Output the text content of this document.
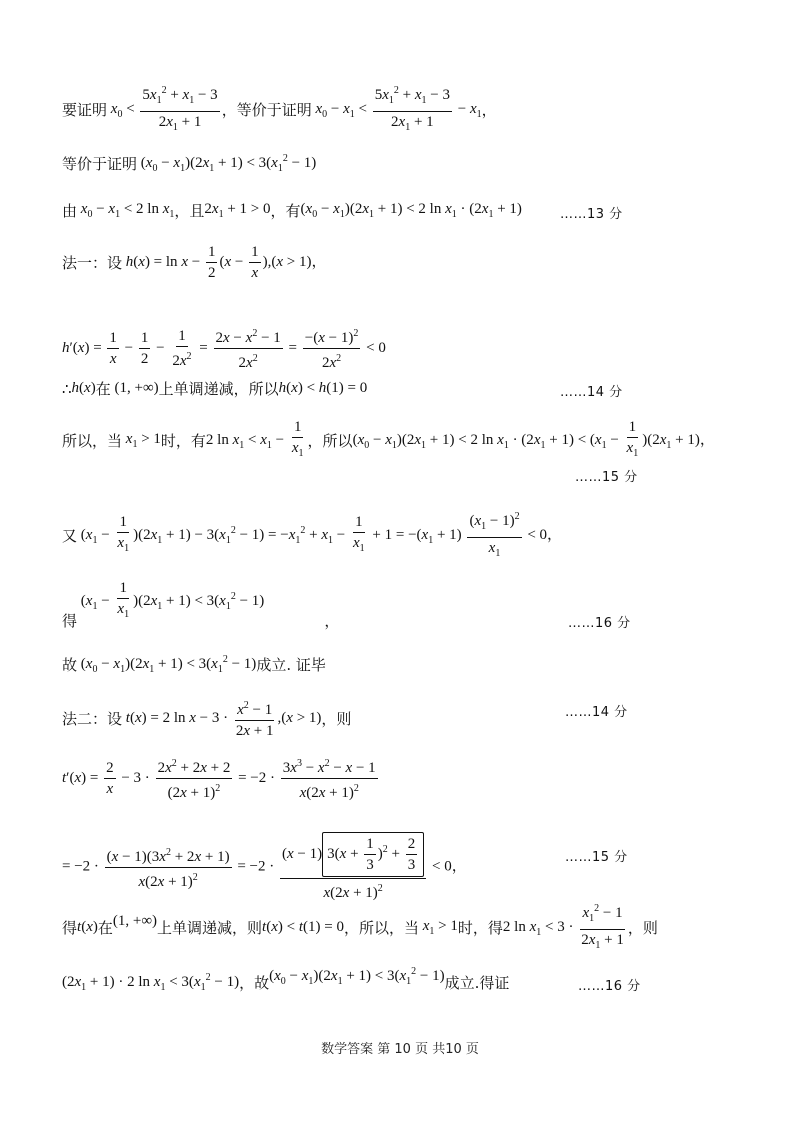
要证明 $x_0 < \frac{5x_1^2 + x_1 - 3}{2x_1 + 1}$ ，等价于证明 $x_0 - x_1 < \frac{5x_1^2 + x_1 - 3}{2x_1 + 1} - x_1$ ，
等价于证明 $(x_0 - x_1)(2x_1 + 1) < 3(x_1^2 - 1)$
由 $x_0 - x_1 < 2$ $\ln x_1$ ，且 $2x_1 + 1 > 0$ ，有 $(x_0 - x_1)(2x_1 + 1) < 2$ $\ln x_1 \cdot (2x_1 + 1)$	……13 分
法一：设 $h(x) = \ln x - \frac{1}{2} (x - \frac{1}{x} ),(x > 1)$，
$h'(x) = \frac{1}{x} - \frac{1}{2} - \frac{1}{2x^2} = \frac{2x - x^2 - 1}{2x^2} = \frac{-(x - 1)^2}{2x^2} < 0$
∴ h(x) 在 (1, +∞) 上单调递减，所以 h(x) < h(1) = 0	……14 分
所以，当 $x_1 > 1$ 时，有 2 $\ln x_1 < x_1 - \frac{1}{x_1}$ ，所以 $(x_0 - x_1)(2x_1 + 1) < 2$ $\ln x_1 \cdot (2x_1 + 1) < (x_1 - \frac{1}{x_1} )(2x_1 + 1)$，
……15 分
又 $(x_1 - \frac{1}{x_1} )(2x_1 + 1) - 3(x_1^2 - 1) = -x_1^2 + x_1 - \frac{1}{x_1} + 1 = -(x_1 + 1) \frac{(x_1 - 1)^2}{x_1} < 0$，
得
$(x_1 - \frac{1}{x_1} )(2x_1 + 1) < 3(x_1^2 - 1)$
，	……16 分
故 $(x_0 - x_1)(2x_1 + 1) < 3(x_1^2 - 1)$ 成立. 证毕
法二：设 t(x) = 2 $\ln x - 3 \cdot \frac{x^2 - 1}{2x + 1} ,(x > 1)$ ，则	……14 分
$t'(x) = \frac{2}{x} - 3 \cdot \frac{2x^2 + 2x + 2}{(2x + 1)^2} = -2 \cdot \frac{3x^3 - x^2 - x - 1}{x(2x + 1)^2}$
= $-2 \cdot \frac{(x - 1)(3x^2 + 2x + 1)}{x(2x + 1)^2} = -2 \cdot \frac{(x - 1) 3(x + \frac{1}{3} )^2 + \frac{2}{3}}{x(2x + 1)^2} < 0$，
……15 分
得 t(x) 在 (1, +∞) 上单调递减，则 t(x) < t(1) = 0 ，所以，当 $x_1 > 1$ 时，得 2 $\ln x_1 < 3 \cdot \frac{x_1^2 - 1}{2x_1 + 1}$ ，则
$(2x_1 + 1) \cdot 2$ $\ln x_1 < 3(x_1^2 - 1)$ ，故 $(x_0 - x_1)(2x_1 + 1) < 3(x_1^2 - 1)$ 成立.得证	……16 分
数学答案 第 10 页 共10 页
